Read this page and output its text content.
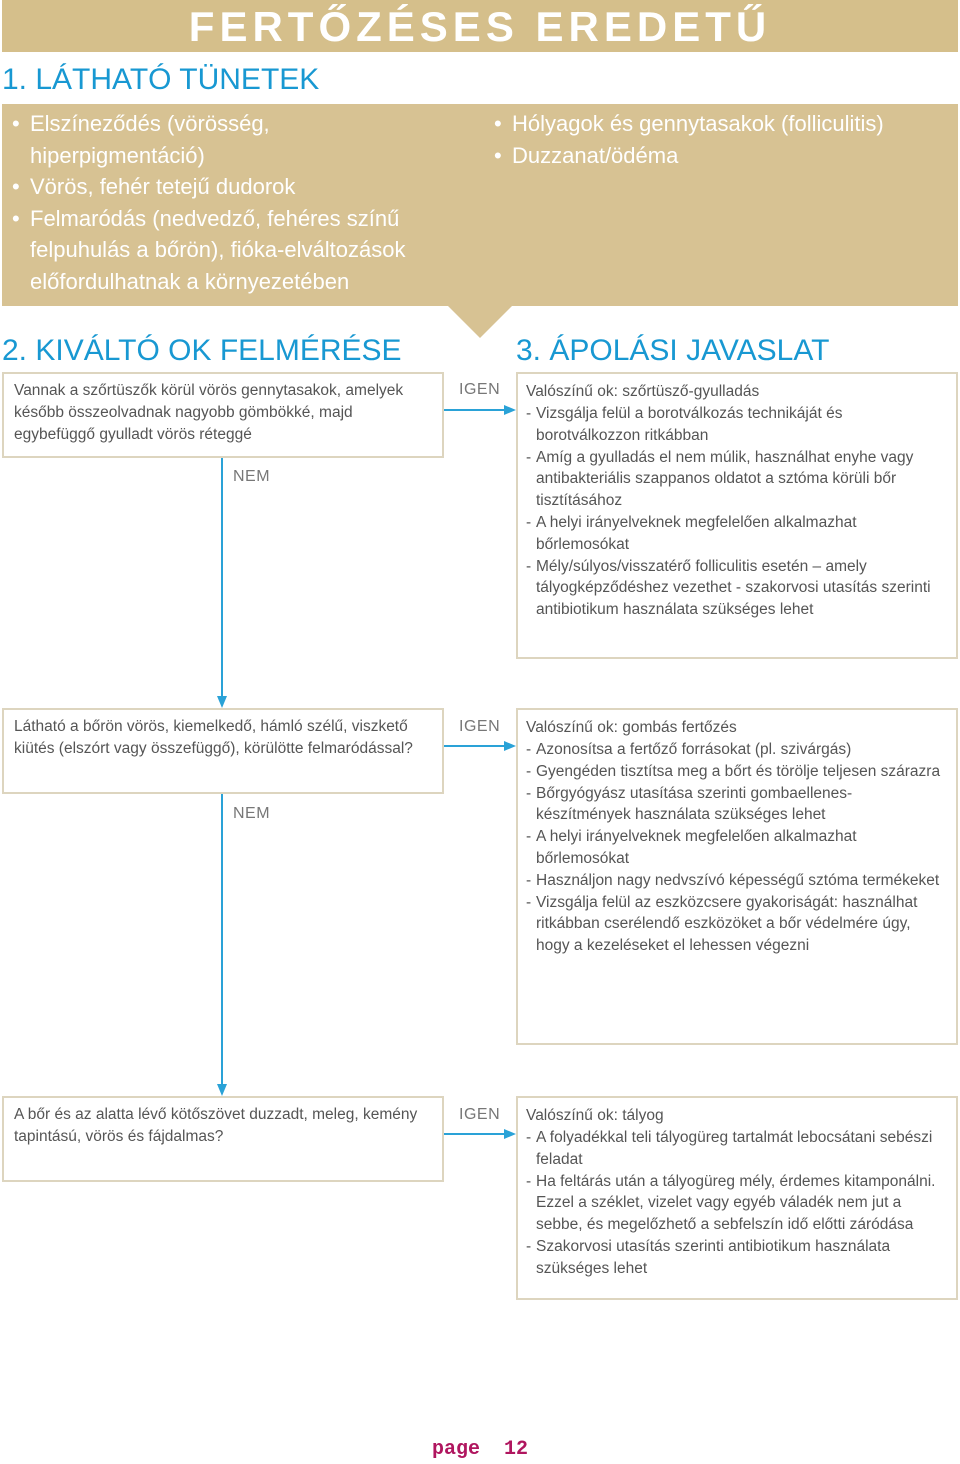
FERTŐZÉSES EREDETŰ
1. LÁTHATÓ TÜNETEK
• Elszíneződés (vörösség, hiperpigmentáció)
• Vörös, fehér tetejű dudorok
• Felmaródás (nedvedző, fehéres színű felpuhulás a bőrön), fióka-elváltozások előfordulhatnak a környezetében
• Hólyagok és gennytasakok (folliculitis)
• Duzzanat/ödéma
2. KIVÁLTÓ OK FELMÉRÉSE	3. ÁPOLÁSI JAVASLAT
Vannak a szőrtüszők körül vörös gennytasakok, amelyek később összeolvadnak nagyobb gömbökké, majd egybefüggő gyulladt vörös réteggé
IGEN Valószínű ok: szőrtüsző-gyulladás
- Vizsgálja felül a borotválkozás technikáját és borotválkozzon ritkábban
- Amíg a gyulladás el nem múlik, használhat enyhe vagy antibakteriális szappanos oldatot a sztóma körüli bőr tisztításához
- A helyi irányelveknek megfelelően alkalmazhat bőrlemosókat
- Mély/súlyos/visszatérő folliculitis esetén – amely tályogképződéshez vezethet - szakorvosi utasítás szerinti antibiotikum használata szükséges lehet
NEM
Látható a bőrön vörös, kiemelkedő, hámló szélű, viszkető kiütés (elszórt vagy összefüggő), körülötte felmaródással?
IGEN Valószínű ok: gombás fertőzés
- Azonosítsa a fertőző forrásokat (pl. szivárgás)
- Gyengéden tisztítsa meg a bőrt és törölje teljesen szárazra
- Bőrgyógyász utasítása szerinti gombaellenes-készítmények használata szükséges lehet
- A helyi irányelveknek megfelelően alkalmazhat bőrlemosókat
- Használjon nagy nedvszívó képességű sztóma termékeket
- Vizsgálja felül az eszközcsere gyakoriságát: használhat ritkábban cserélendő eszközöket a bőr védelmére úgy, hogy a kezeléseket el lehessen végezni
NEM
A bőr és az alatta lévő kötőszövet duzzadt, meleg, kemény tapintású, vörös és fájdalmas?
IGEN Valószínű ok: tályog
- A folyadékkal teli tályogüreg tartalmát lebocsátani sebészi feladat
- Ha feltárás után a tályogüreg mély, érdemes kitamponálni. Ezzel a széklet, vizelet vagy egyéb váladék nem jut a sebbe, és megelőzhető a sebfelszín idő előtti záródása
- Szakorvosi utasítás szerinti antibiotikum használata szükséges lehet
page  12
